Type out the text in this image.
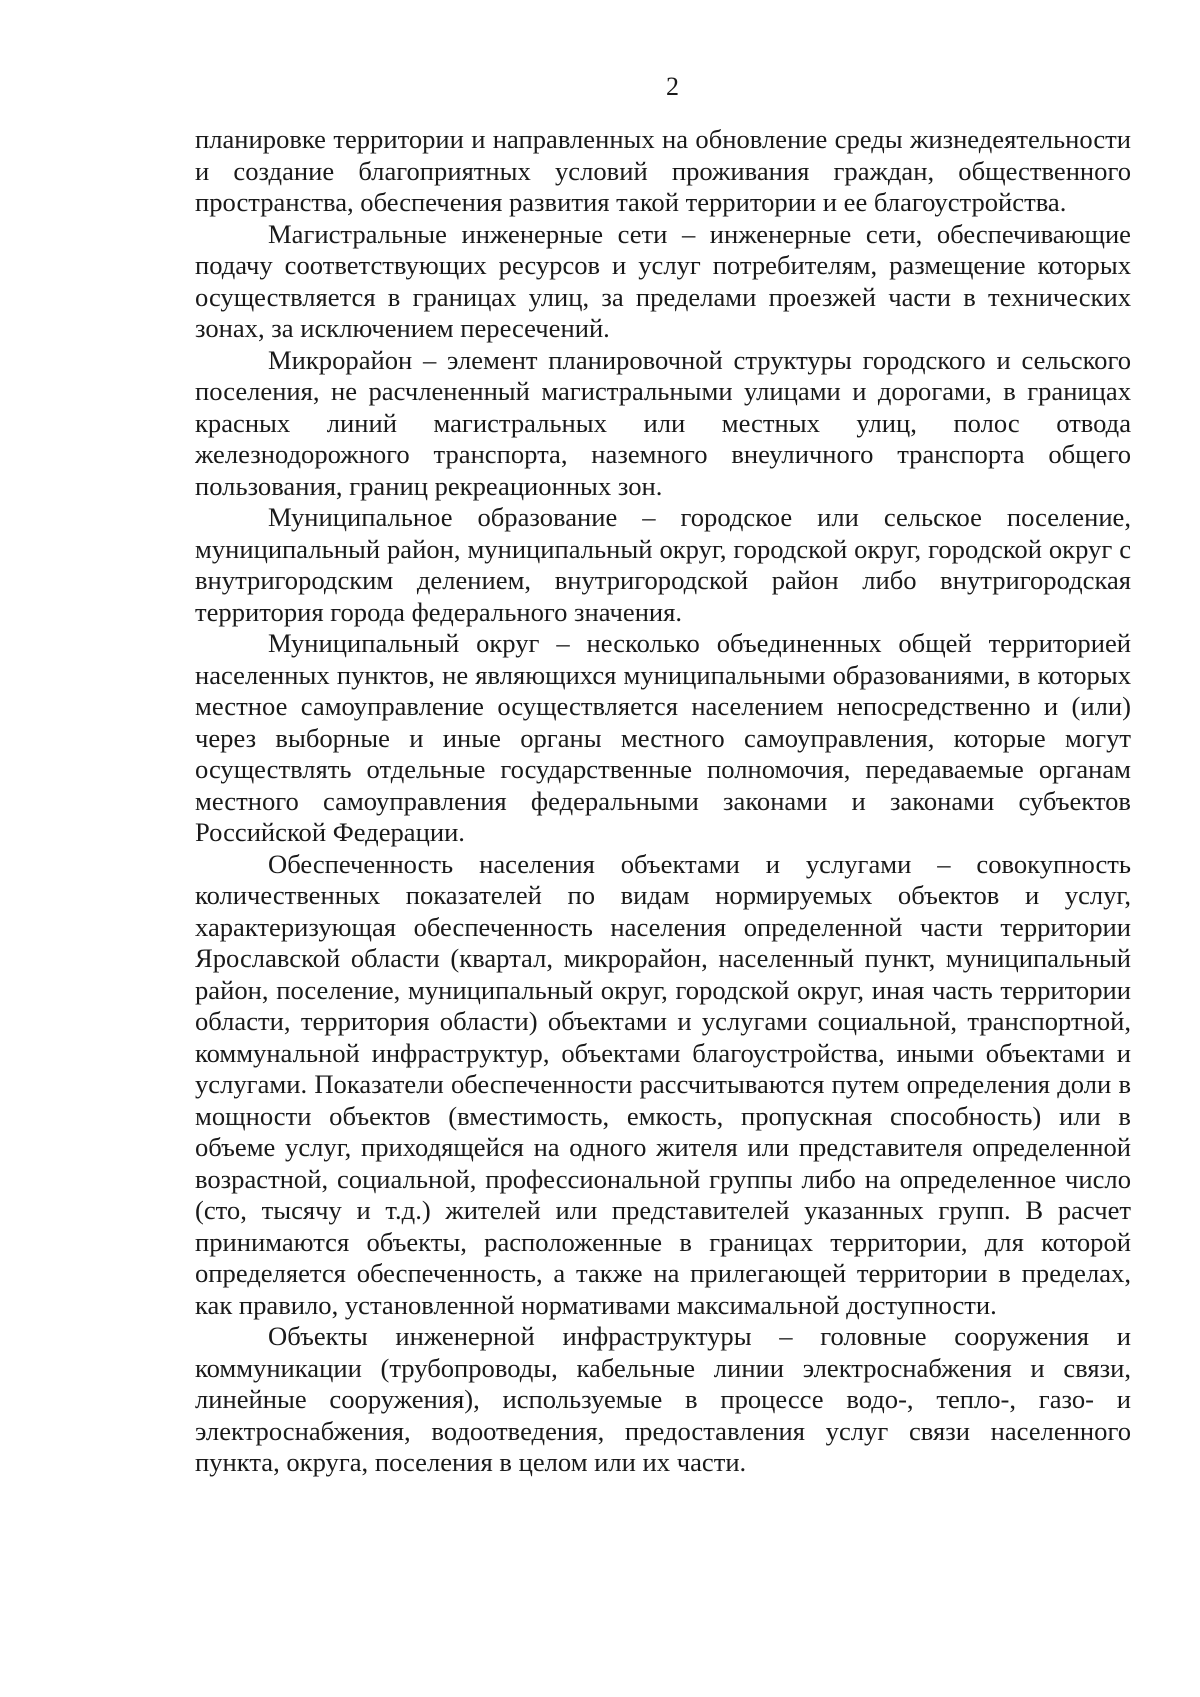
2

планировке территории и направленных на обновление среды жизнедеятельности и создание благоприятных условий проживания граждан, общественного пространства, обеспечения развития такой территории и ее благоустройства.

Магистральные инженерные сети – инженерные сети, обеспечивающие подачу соответствующих ресурсов и услуг потребителям, размещение которых осуществляется в границах улиц, за пределами проезжей части в технических зонах, за исключением пересечений.

Микрорайон – элемент планировочной структуры городского и сельского поселения, не расчлененный магистральными улицами и дорогами, в границах красных линий магистральных или местных улиц, полос отвода железнодорожного транспорта, наземного внеуличного транспорта общего пользования, границ рекреационных зон.

Муниципальное образование – городское или сельское поселение, муниципальный район, муниципальный округ, городской округ, городской округ с внутригородским делением, внутригородской район либо внутригородская территория города федерального значения.

Муниципальный округ – несколько объединенных общей территорией населенных пунктов, не являющихся муниципальными образованиями, в которых местное самоуправление осуществляется населением непосредственно и (или) через выборные и иные органы местного самоуправления, которые могут осуществлять отдельные государственные полномочия, передаваемые органам местного самоуправления федеральными законами и законами субъектов Российской Федерации.

Обеспеченность населения объектами и услугами – совокупность количественных показателей по видам нормируемых объектов и услуг, характеризующая обеспеченность населения определенной части территории Ярославской области (квартал, микрорайон, населенный пункт, муниципальный район, поселение, муниципальный округ, городской округ, иная часть территории области, территория области) объектами и услугами социальной, транспортной, коммунальной инфраструктур, объектами благоустройства, иными объектами и услугами. Показатели обеспеченности рассчитываются путем определения доли в мощности объектов (вместимость, емкость, пропускная способность) или в объеме услуг, приходящейся на одного жителя или представителя определенной возрастной, социальной, профессиональной группы либо на определенное число (сто, тысячу и т.д.) жителей или представителей указанных групп. В расчет принимаются объекты, расположенные в границах территории, для которой определяется обеспеченность, а также на прилегающей территории в пределах, как правило, установленной нормативами максимальной доступности.

Объекты инженерной инфраструктуры – головные сооружения и коммуникации (трубопроводы, кабельные линии электроснабжения и связи, линейные сооружения), используемые в процессе водо-, тепло-, газо- и электроснабжения, водоотведения, предоставления услуг связи населенного пункта, округа, поселения в целом или их части.
